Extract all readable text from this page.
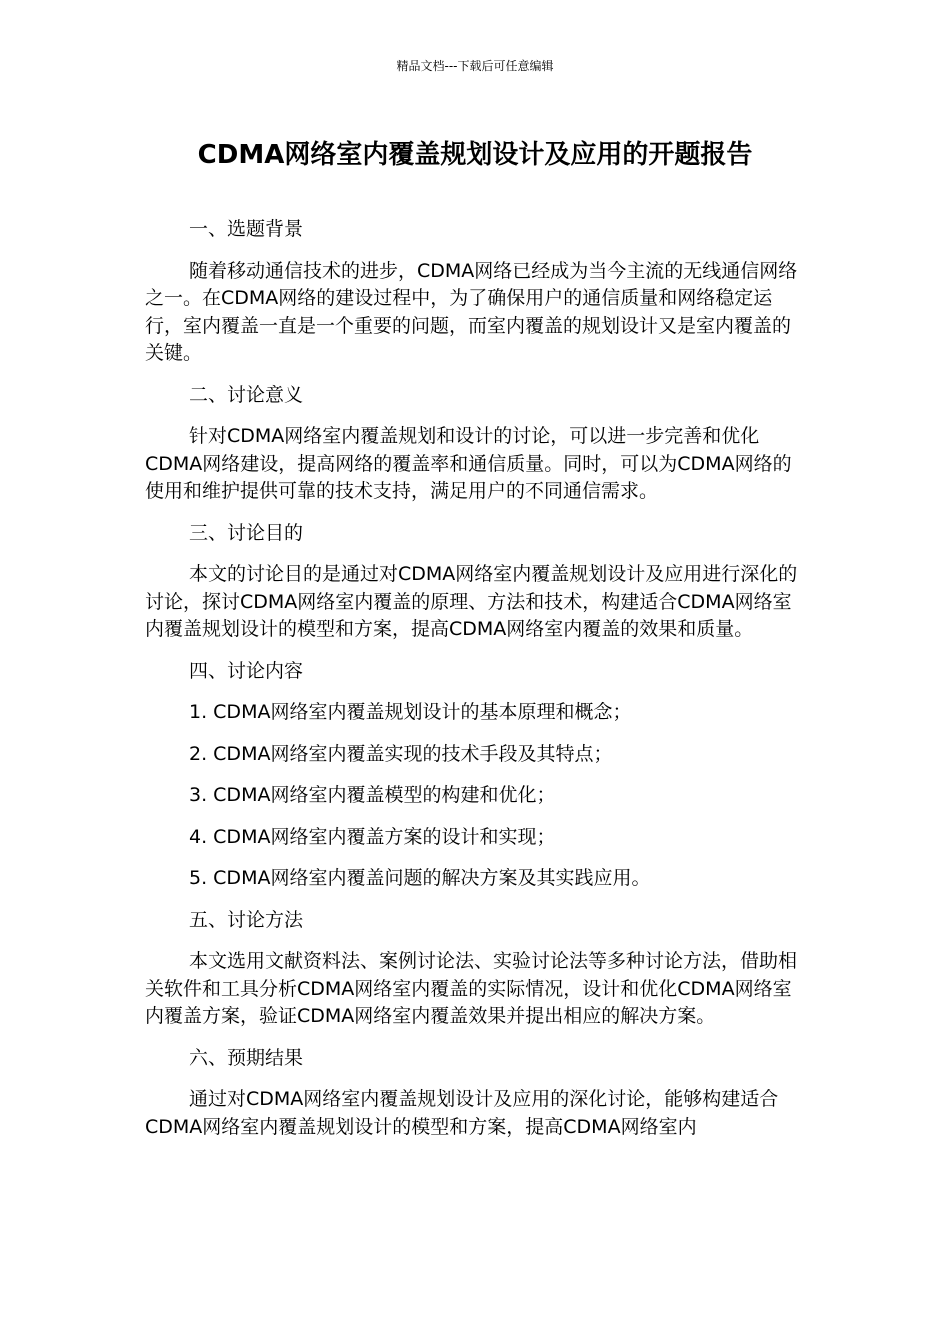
精品文档---下载后可任意编辑
CDMA网络室内覆盖规划设计及应用的开题报告

一、选题背景

随着移动通信技术的进步，CDMA网络已经成为当今主流的无线通信网络之一。在CDMA网络的建设过程中，为了确保用户的通信质量和网络稳定运行，室内覆盖一直是一个重要的问题，而室内覆盖的规划设计又是室内覆盖的关键。

二、讨论意义

针对CDMA网络室内覆盖规划和设计的讨论，可以进一步完善和优化CDMA网络建设，提高网络的覆盖率和通信质量。同时，可以为CDMA网络的使用和维护提供可靠的技术支持，满足用户的不同通信需求。

三、讨论目的

本文的讨论目的是通过对CDMA网络室内覆盖规划设计及应用进行深化的讨论，探讨CDMA网络室内覆盖的原理、方法和技术，构建适合CDMA网络室内覆盖规划设计的模型和方案，提高CDMA网络室内覆盖的效果和质量。

四、讨论内容

1. CDMA网络室内覆盖规划设计的基本原理和概念；

2. CDMA网络室内覆盖实现的技术手段及其特点；

3. CDMA网络室内覆盖模型的构建和优化；

4. CDMA网络室内覆盖方案的设计和实现；

5. CDMA网络室内覆盖问题的解决方案及其实践应用。

五、讨论方法

本文选用文献资料法、案例讨论法、实验讨论法等多种讨论方法，借助相关软件和工具分析CDMA网络室内覆盖的实际情况，设计和优化CDMA网络室内覆盖方案，验证CDMA网络室内覆盖效果并提出相应的解决方案。

六、预期结果

通过对CDMA网络室内覆盖规划设计及应用的深化讨论，能够构建适合CDMA网络室内覆盖规划设计的模型和方案，提高CDMA网络室内
